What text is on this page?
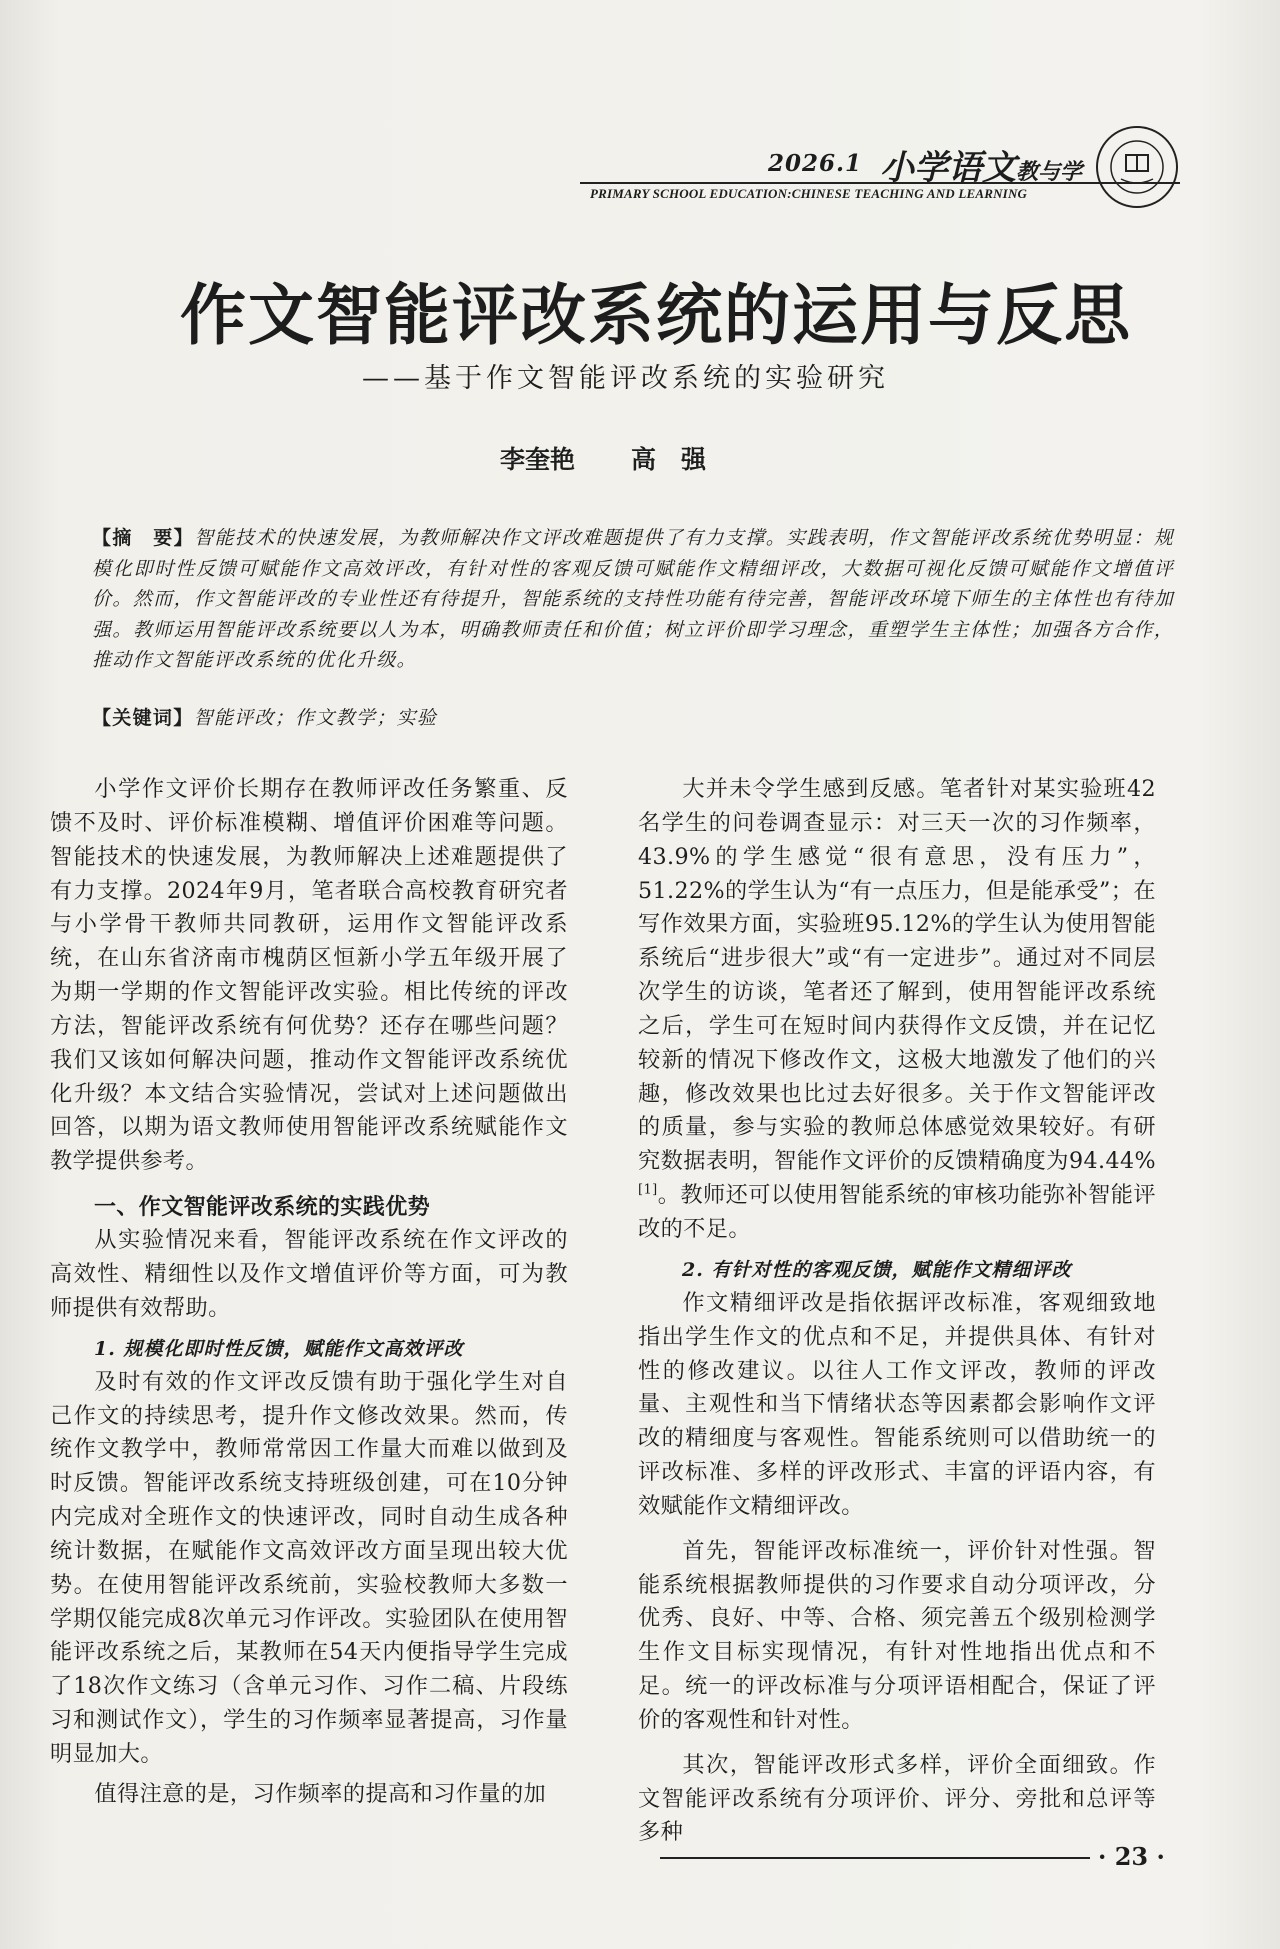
2026.1 小学语文教与学
PRIMARY SCHOOL EDUCATION:CHINESE TEACHING AND LEARNING
作文智能评改系统的运用与反思
——基于作文智能评改系统的实验研究
李奎艳 高　强
【摘　要】智能技术的快速发展，为教师解决作文评改难题提供了有力支撑。实践表明，作文智能评改系统优势明显：规模化即时性反馈可赋能作文高效评改，有针对性的客观反馈可赋能作文精细评改，大数据可视化反馈可赋能作文增值评价。然而，作文智能评改的专业性还有待提升，智能系统的支持性功能有待完善，智能评改环境下师生的主体性也有待加强。教师运用智能评改系统要以人为本，明确教师责任和价值；树立评价即学习理念，重塑学生主体性；加强各方合作，推动作文智能评改系统的优化升级。
【关键词】智能评改；作文教学；实验

小学作文评价长期存在教师评改任务繁重、反馈不及时、评价标准模糊、增值评价困难等问题。智能技术的快速发展，为教师解决上述难题提供了有力支撑。2024年9月，笔者联合高校教育研究者与小学骨干教师共同教研，运用作文智能评改系统，在山东省济南市槐荫区恒新小学五年级开展了为期一学期的作文智能评改实验。相比传统的评改方法，智能评改系统有何优势？还存在哪些问题？我们又该如何解决问题，推动作文智能评改系统优化升级？本文结合实验情况，尝试对上述问题做出回答，以期为语文教师使用智能评改系统赋能作文教学提供参考。

一、作文智能评改系统的实践优势

从实验情况来看，智能评改系统在作文评改的高效性、精细性以及作文增值评价等方面，可为教师提供有效帮助。

1. 规模化即时性反馈，赋能作文高效评改

及时有效的作文评改反馈有助于强化学生对自己作文的持续思考，提升作文修改效果。然而，传统作文教学中，教师常常因工作量大而难以做到及时反馈。智能评改系统支持班级创建，可在10分钟内完成对全班作文的快速评改，同时自动生成各种统计数据，在赋能作文高效评改方面呈现出较大优势。在使用智能评改系统前，实验校教师大多数一学期仅能完成8次单元习作评改。实验团队在使用智能评改系统之后，某教师在54天内便指导学生完成了18次作文练习（含单元习作、习作二稿、片段练习和测试作文），学生的习作频率显著提高，习作量明显加大。

值得注意的是，习作频率的提高和习作量的加

大并未令学生感到反感。笔者针对某实验班42名学生的问卷调查显示：对三天一次的习作频率，43.9%的学生感觉“很有意思，没有压力”，51.22%的学生认为“有一点压力，但是能承受”；在写作效果方面，实验班95.12%的学生认为使用智能系统后“进步很大”或“有一定进步”。通过对不同层次学生的访谈，笔者还了解到，使用智能评改系统之后，学生可在短时间内获得作文反馈，并在记忆较新的情况下修改作文，这极大地激发了他们的兴趣，修改效果也比过去好很多。关于作文智能评改的质量，参与实验的教师总体感觉效果较好。有研究数据表明，智能作文评价的反馈精确度为94.44%[1]。教师还可以使用智能系统的审核功能弥补智能评改的不足。

2. 有针对性的客观反馈，赋能作文精细评改

作文精细评改是指依据评改标准，客观细致地指出学生作文的优点和不足，并提供具体、有针对性的修改建议。以往人工作文评改，教师的评改量、主观性和当下情绪状态等因素都会影响作文评改的精细度与客观性。智能系统则可以借助统一的评改标准、多样的评改形式、丰富的评语内容，有效赋能作文精细评改。

首先，智能评改标准统一，评价针对性强。智能系统根据教师提供的习作要求自动分项评改，分优秀、良好、中等、合格、须完善五个级别检测学生作文目标实现情况，有针对性地指出优点和不足。统一的评改标准与分项评语相配合，保证了评价的客观性和针对性。

其次，智能评改形式多样，评价全面细致。作文智能评改系统有分项评价、评分、旁批和总评等多种

· 23 ·
